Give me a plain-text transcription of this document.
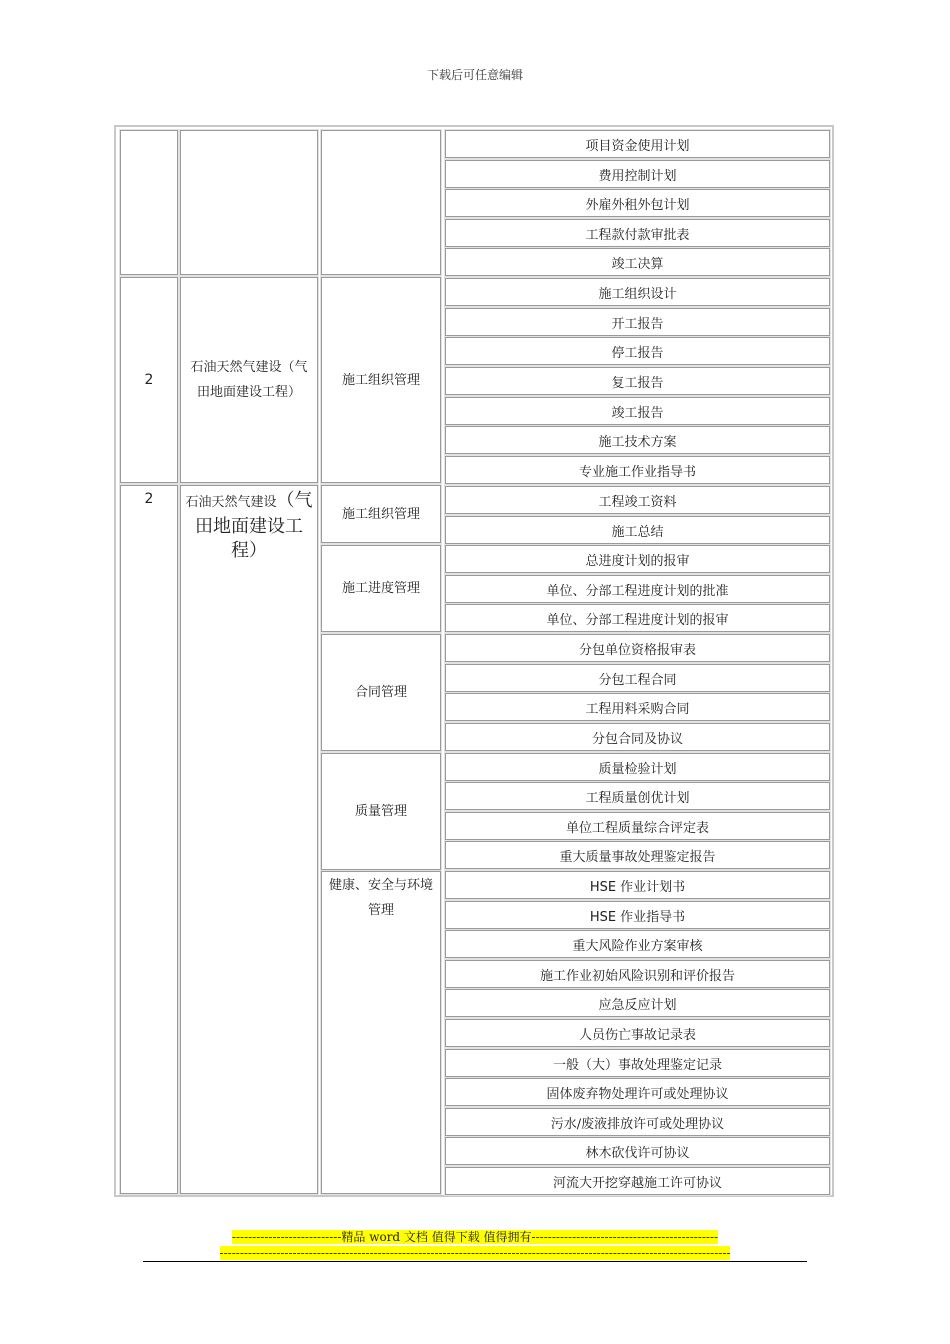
下载后可任意编辑
项目资金使用计划
费用控制计划
外雇外租外包计划
工程款付款审批表
竣工决算
2
石油天然气建设（气田地面建设工程）
施工组织管理
施工组织设计
开工报告
停工报告
复工报告
竣工报告
施工技术方案
专业施工作业指导书
2	石油天然气建设（气
田地面建设工
程）
施工组织管理
工程竣工资料
施工总结
施工进度管理
总进度计划的报审
单位、分部工程进度计划的批准
单位、分部工程进度计划的报审
合同管理
分包单位资格报审表
分包工程合同
工程用料采购合同
分包合同及协议
质量管理
质量检验计划
工程质量创优计划
单位工程质量综合评定表
重大质量事故处理鉴定报告
健康、安全与环境管理
HSE 作业计划书
HSE 作业指导书
重大风险作业方案审核
施工作业初始风险识别和评价报告
应急反应计划
人员伤亡事故记录表
一般（大）事故处理鉴定记录
固体废弃物处理许可或处理协议
污水/废液排放许可或处理协议
林木砍伐许可协议
河流大开挖穿越施工许可协议
---------------------------精品 word 文档 值得下载 值得拥有----------------------------------------------
------------------------------------------------------------------------------------------------------------------------------
